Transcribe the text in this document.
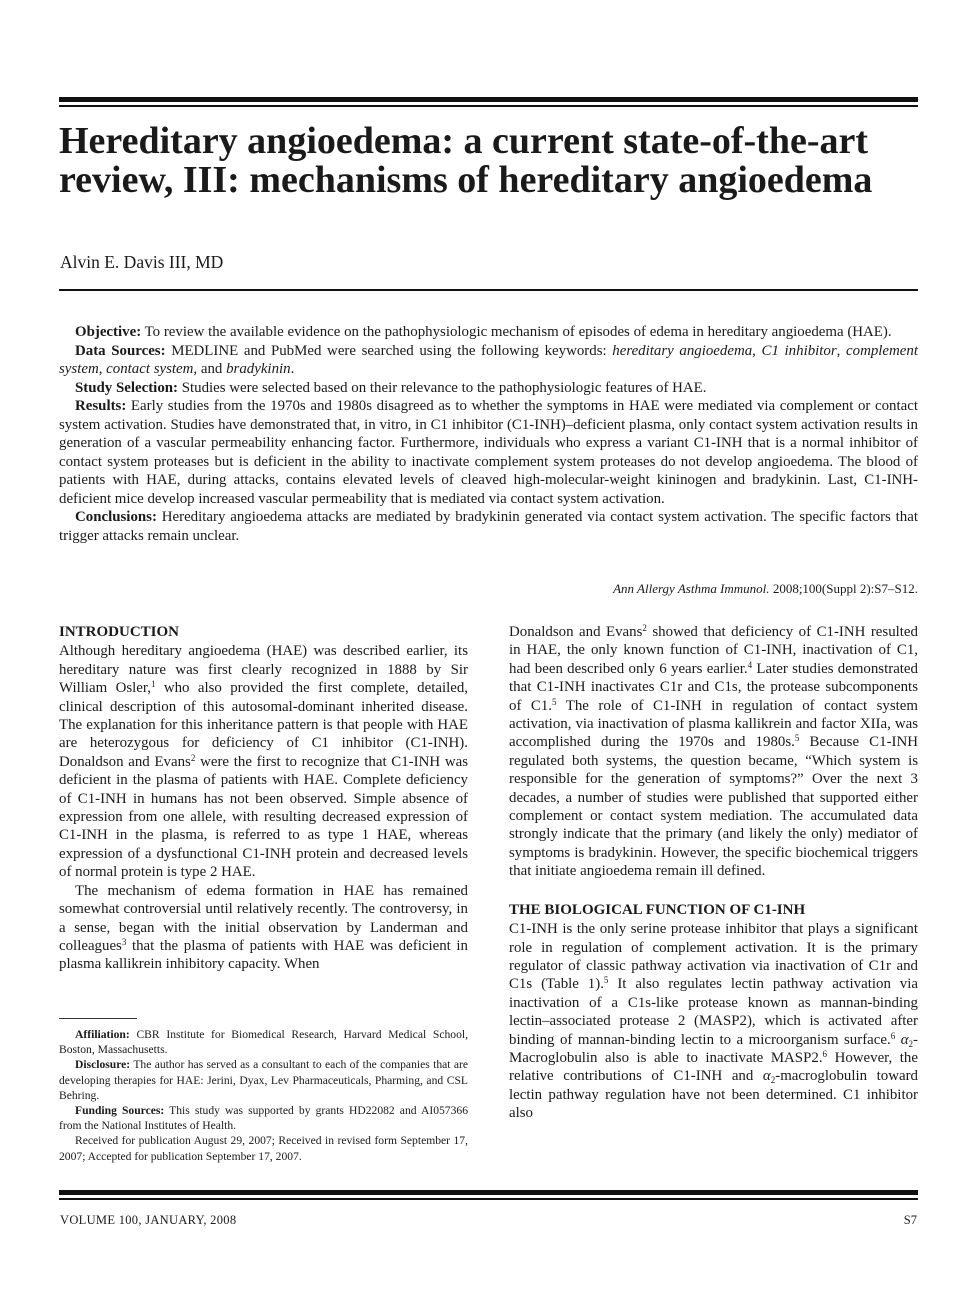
Hereditary angioedema: a current state-of-the-art review, III: mechanisms of hereditary angioedema
Alvin E. Davis III, MD

Objective: To review the available evidence on the pathophysiologic mechanism of episodes of edema in hereditary angioedema (HAE).

Data Sources: MEDLINE and PubMed were searched using the following keywords: hereditary angioedema, C1 inhibitor, complement system, contact system, and bradykinin.

Study Selection: Studies were selected based on their relevance to the pathophysiologic features of HAE.

Results: Early studies from the 1970s and 1980s disagreed as to whether the symptoms in HAE were mediated via complement or contact system activation. Studies have demonstrated that, in vitro, in C1 inhibitor (C1-INH)–deficient plasma, only contact system activation results in generation of a vascular permeability enhancing factor. Furthermore, individuals who express a variant C1-INH that is a normal inhibitor of contact system proteases but is deficient in the ability to inactivate complement system proteases do not develop angioedema. The blood of patients with HAE, during attacks, contains elevated levels of cleaved high-molecular-weight kininogen and bradykinin. Last, C1-INH-deficient mice develop increased vascular permeability that is mediated via contact system activation.

Conclusions: Hereditary angioedema attacks are mediated by bradykinin generated via contact system activation. The specific factors that trigger attacks remain unclear.

Ann Allergy Asthma Immunol. 2008;100(Suppl 2):S7–S12.
INTRODUCTION

Although hereditary angioedema (HAE) was described earlier, its hereditary nature was first clearly recognized in 1888 by Sir William Osler,$^1$ who also provided the first complete, detailed, clinical description of this autosomal-dominant inherited disease. The explanation for this inheritance pattern is that people with HAE are heterozygous for deficiency of C1 inhibitor (C1-INH). Donaldson and Evans$^2$ were the first to recognize that C1-INH was deficient in the plasma of patients with HAE. Complete deficiency of C1-INH in humans has not been observed. Simple absence of expression from one allele, with resulting decreased expression of C1-INH in the plasma, is referred to as type 1 HAE, whereas expression of a dysfunctional C1-INH protein and decreased levels of normal protein is type 2 HAE.

The mechanism of edema formation in HAE has remained somewhat controversial until relatively recently. The controversy, in a sense, began with the initial observation by Landerman and colleagues$^3$ that the plasma of patients with HAE was deficient in plasma kallikrein inhibitory capacity. When

Affiliation: CBR Institute for Biomedical Research, Harvard Medical School, Boston, Massachusetts.

Disclosure: The author has served as a consultant to each of the companies that are developing therapies for HAE: Jerini, Dyax, Lev Pharmaceuticals, Pharming, and CSL Behring.

Funding Sources: This study was supported by grants HD22082 and AI057366 from the National Institutes of Health.

Received for publication August 29, 2007; Received in revised form September 17, 2007; Accepted for publication September 17, 2007.

Donaldson and Evans$^2$ showed that deficiency of C1-INH resulted in HAE, the only known function of C1-INH, inactivation of C1, had been described only 6 years earlier.$^4$ Later studies demonstrated that C1-INH inactivates C1r and C1s, the protease subcomponents of C1.$^5$ The role of C1-INH in regulation of contact system activation, via inactivation of plasma kallikrein and factor XIIa, was accomplished during the 1970s and 1980s.$^5$ Because C1-INH regulated both systems, the question became, “Which system is responsible for the generation of symptoms?” Over the next 3 decades, a number of studies were published that supported either complement or contact system mediation. The accumulated data strongly indicate that the primary (and likely the only) mediator of symptoms is bradykinin. However, the specific biochemical triggers that initiate angioedema remain ill defined.

THE BIOLOGICAL FUNCTION OF C1-INH

C1-INH is the only serine protease inhibitor that plays a significant role in regulation of complement activation. It is the primary regulator of classic pathway activation via inactivation of C1r and C1s (Table 1).$^5$ It also regulates lectin pathway activation via inactivation of a C1s-like protease known as mannan-binding lectin–associated protease 2 (MASP2), which is activated after binding of mannan-binding lectin to a microorganism surface.$^6$ $\alpha_2$-Macroglobulin also is able to inactivate MASP2.$^6$ However, the relative contributions of C1-INH and $\alpha_2$-macroglobulin toward lectin pathway regulation have not been determined. C1 inhibitor also

VOLUME 100, JANUARY, 2008	S7
